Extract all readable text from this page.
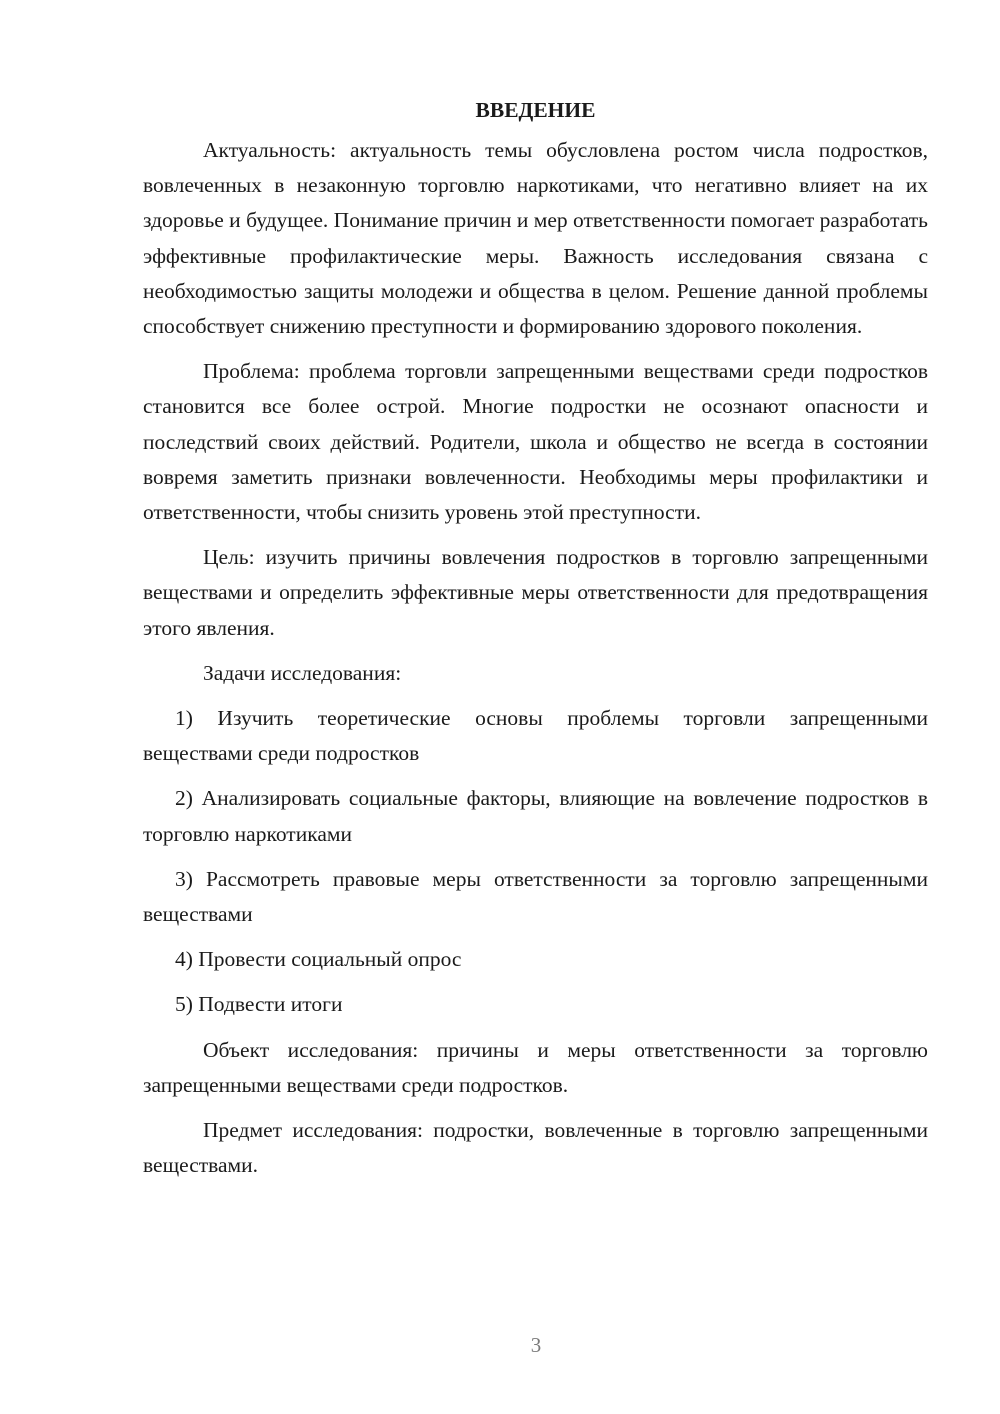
ВВЕДЕНИЕ

Актуальность: актуальность темы обусловлена ростом числа подростков, вовлеченных в незаконную торговлю наркотиками, что негативно влияет на их здоровье и будущее. Понимание причин и мер ответственности помогает разработать эффективные профилактические меры. Важность исследования связана с необходимостью защиты молодежи и общества в целом. Решение данной проблемы способствует снижению преступности и формированию здорового поколения.

Проблема: проблема торговли запрещенными веществами среди подростков становится все более острой. Многие подростки не осознают опасности и последствий своих действий. Родители, школа и общество не всегда в состоянии вовремя заметить признаки вовлеченности. Необходимы меры профилактики и ответственности, чтобы снизить уровень этой преступности.

Цель: изучить причины вовлечения подростков в торговлю запрещенными веществами и определить эффективные меры ответственности для предотвращения этого явления.

Задачи исследования:

1) Изучить теоретические основы проблемы торговли запрещенными веществами среди подростков

2) Анализировать социальные факторы, влияющие на вовлечение подростков в торговлю наркотиками

3) Рассмотреть правовые меры ответственности за торговлю запрещенными веществами

4) Провести социальный опрос

5) Подвести итоги

Объект исследования: причины и меры ответственности за торговлю запрещенными веществами среди подростков.

Предмет исследования: подростки, вовлеченные в торговлю запрещенными веществами.

3
